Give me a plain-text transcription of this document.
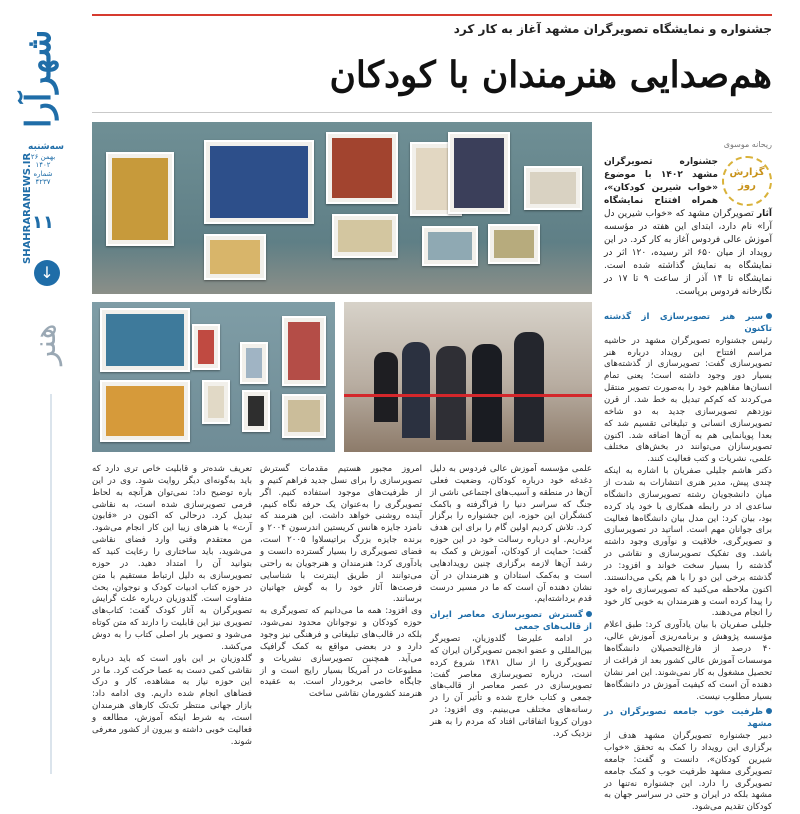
شهرآرا
SHAHRARANEWS.IR
سه‌شنبه
۲۶ بهمن ۱۴۰۲
شماره ۴۲۳۷
۱۱
↓
هنر
جشنواره و نمایشگاه تصویرگران مشهد آغاز به کار کرد
هم‌صدایی هنرمندان با کودکان
ریحانه موسوی
گزارش روز
جشنواره تصویرگران مشهد ۱۴۰۲ با موضوع «خواب شیرین کودکان»، همراه افتتاح نمایشگاه آثار تصویرگران مشهد که «خواب شیرین دل آرا» نام دارد، ابتدای این هفته در مؤسسه آموزش عالی فردوس آغاز به کار کرد. در این رویداد از میان ۶۵۰ اثر رسیده، ۱۲۰ اثر در نمایشگاه به نمایش گذاشته شده است. نمایشگاه تا ۱۴ آذر از ساعت ۹ تا ۱۷ در نگارخانه فردوس برپاست.
سیر هنر تصویرسازی از گذشته تاکنون

رئیس جشنواره تصویرگران مشهد در حاشیه مراسم افتتاح این رویداد درباره هنر تصویرسازی گفت: تصویرسازی از گذشته‌های بسیار دور وجود داشته است؛ یعنی تمام انسان‌ها مفاهیم خود را به‌صورت تصویر منتقل می‌کردند که کم‌کم تبدیل به خط شد. از قرن نوزدهم تصویرسازی جدید به دو شاخه تصویرسازی انسانی و تبلیغاتی تقسیم شد که بعدا پویانمایی هم به آن‌ها اضافه شد. اکنون تصویرسازان می‌توانند در بخش‌های مختلف علمی، نشریات و کتب فعالیت کنند.

دکتر هاشم جلیلی صفریان با اشاره به اینکه چندی پیش، مدیر هنری انتشارات به شدت از میان دانشجویان رشته تصویرسازی دانشگاه ساعدی اد در رابطه همکاری با خود یاد کرده بود، بیان کرد: این مدل بیان دانشگاه‌ها فعالیت برای جوانان مهم است. اساتید در تصویرسازی و تصویرگری، خلاقیت و نوآوری وجود داشته باشد. وی تفکیک تصویرسازی و نقاشی در گذشته را بسیار سخت خواند و افزود: در گذشته برخی این دو را با هم یکی می‌دانستند. اکنون ملاحظه می‌کنید که تصویرسازی راه خود را پیدا کرده است و هنرمندان به خوبی کار خود را انجام می‌دهند.

جلیلی صفریان با بیان یادآوری کرد: طبق اعلام مؤسسه پژوهش و برنامه‌ریزی آموزش عالی، ۴۰ درصد از فارغ‌التحصیلان دانشگاه‌ها موسسات آموزش عالی کشور بعد از فراغت از تحصیل مشغول به کار نمی‌شوند. این امر نشان دهنده آن است که کیفیت آموزش در دانشگاه‌ها بسیار مطلوب نیست.

ظرفیت خوب جامعه تصویرگران در مشهد

دبیر جشنواره تصویرگران مشهد هدف از برگزاری این رویداد را کمک به تحقق «خواب شیرین کودکان»، دانست و گفت: جامعه تصویرگری مشهد ظرفیت خوب و کمک جامعه تصویرگری را دارد. این جشنواره نه‌تنها در مشهد بلکه در ایران و حتی در سراسر جهان به کودکان تقدیم می‌شود.

علمی مؤسسه آموزش عالی فردوس به دلیل دغدغه خود درباره کودکان، وضعیت فعلی آن‌ها در منطقه و آسیب‌های اجتماعی ناشی از جنگ که سراسر دنیا را فراگرفته و باکمک کنشگران این حوزه، این جشنواره را برگزار کرد. تلاش کردیم اولین گام را برای این هدف برداریم. او درباره رسالت خود در این حوزه گفت: حمایت از کودکان، آموزش و کمک به رشد آن‌ها لازمه برگزاری چنین رویدادهایی است و به‌کمک استادان و هنرمندان در آن نشان دهنده آن است که ما در مسیر درست قدم برداشته‌ایم.

گسترش تصویرسازی معاصر ایران از قالب‌های جمعی

در ادامه علیرضا گلدوزیان، تصویرگر بین‌المللی و عضو انجمن تصویرگران ایران که تصویرگری را از سال ۱۳۸۱ شروع کرده است، درباره تصویرسازی معاصر گفت: تصویرسازی در عصر معاصر از قالب‌های جمعی و کتاب خارج شده و تأثیر آن را در رسانه‌های مختلف می‌بینیم. وی افزود: در دوران کرونا اتفاقاتی افتاد که مردم را به هنر نزدیک کرد.

امروز مجبور هستیم مقدمات گسترش تصویرسازی را برای نسل جدید فراهم کنیم و از ظرفیت‌های موجود استفاده کنیم. اگر تصویرگری را به‌عنوان یک حرفه نگاه کنیم، آینده روشنی خواهد داشت. این هنرمند که نامزد جایزه هانس کریستین اندرسون ۲۰۰۴ و برنده جایزه بزرگ براتیسلاوا ۲۰۰۵ است، فضای تصویرگری را بسیار گسترده دانست و یادآوری کرد: هنرمندان و هنرجویان به راحتی می‌توانند از طریق اینترنت با شناسایی فرصت‌ها آثار خود را به گوش جهانیان برسانند.

وی افزود: همه ما می‌دانیم که تصویرگری به حوزه کودکان و نوجوانان محدود نمی‌شود، بلکه در قالب‌های تبلیغاتی و فرهنگی نیز وجود دارد و در بعضی مواقع به کمک گرافیک می‌آید. همچنین تصویرسازی نشریات و مطبوعات در آمریکا بسیار رایج است و از جایگاه خاصی برخوردار است. به عقیده هنرمند کشورمان نقاشی ساخت

تعریف شده‌تر و قابلیت خاص تری دارد که باید به‌گونه‌ای دیگر روایت شود. وی در این باره توضیح داد: نمی‌توان هرآنچه به لحاظ فرمی تصویرسازی شده است، به نقاشی تبدیل کرد. درحالی که اکنون در «قابون آرت» با هنرهای زیبا این کار انجام می‌شود. من معتقدم وقتی وارد فضای نقاشی می‌شوید، باید ساختاری را رعایت کنید که بتوانید آن را امتداد دهید. در حوزه تصویرسازی به دلیل ارتباط مستقیم با متن در حوزه کتاب ادبیات کودک و نوجوان، بحث متفاوت است. گلدوزیان درباره علت گرایش تصویرگران به آثار کودک گفت: کتاب‌های تصویری نیز این قابلیت را دارند که متن کوتاه می‌شود و تصویر بار اصلی کتاب را به دوش می‌کشد.

گلدوزیان بر این باور است که باید درباره نقاشی کمی دست به عصا حرکت کرد. ما در این حوزه نیاز به مشاهده، کار و درک فضاهای انجام شده داریم. وی ادامه داد: بازار جهانی منتظر تک‌تک کارهای هنرمندان است، به شرط اینکه آموزش، مطالعه و فعالیت خوبی داشته و بیرون از کشور معرفی شوند.
